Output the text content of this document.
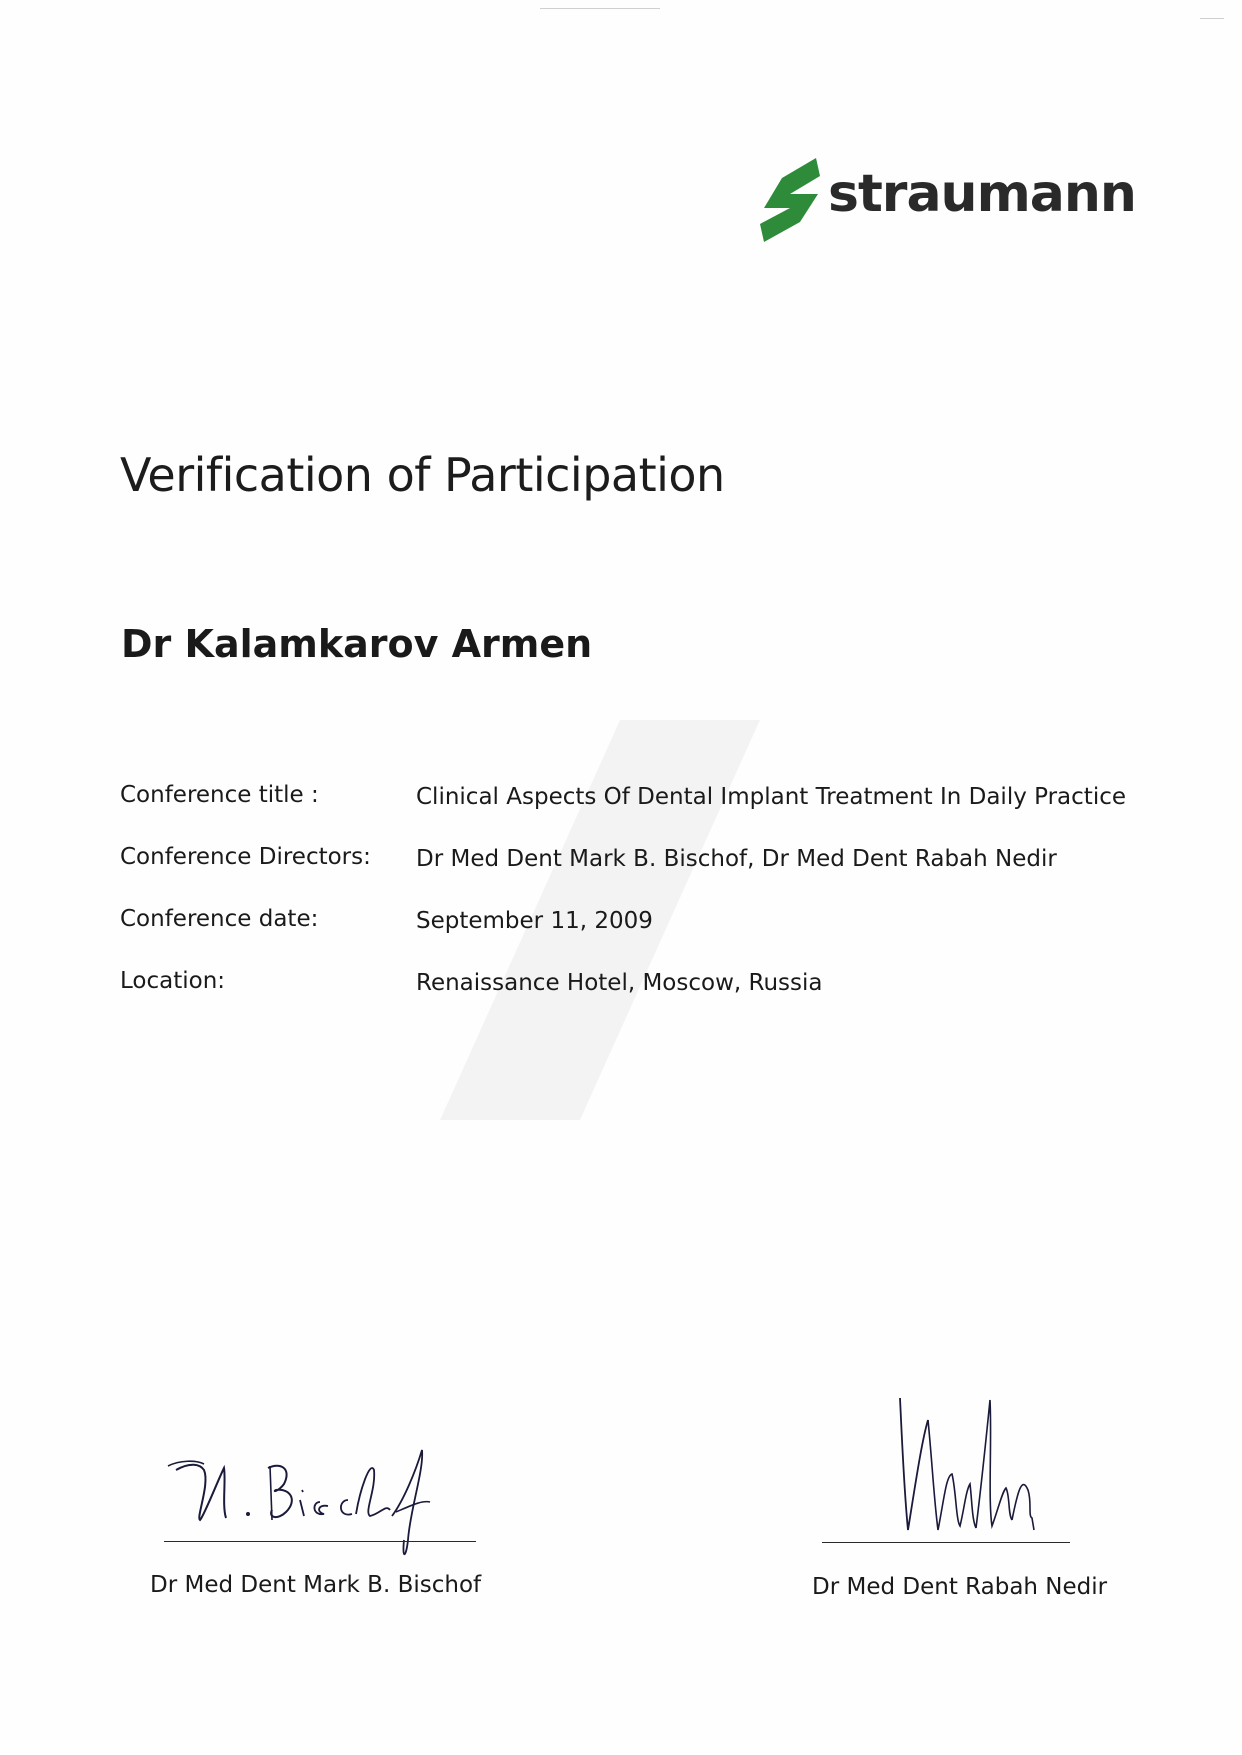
straumann
Verification of Participation
Dr Kalamkarov Armen
Conference title :	Clinical Aspects Of Dental Implant Treatment In Daily Practice
Conference Directors: Dr Med Dent Mark B. Bischof, Dr Med Dent Rabah Nedir
Conference date:	September 11, 2009
Location:	Renaissance Hotel, Moscow, Russia
Dr Med Dent Mark B. Bischof	Dr Med Dent Rabah Nedir
